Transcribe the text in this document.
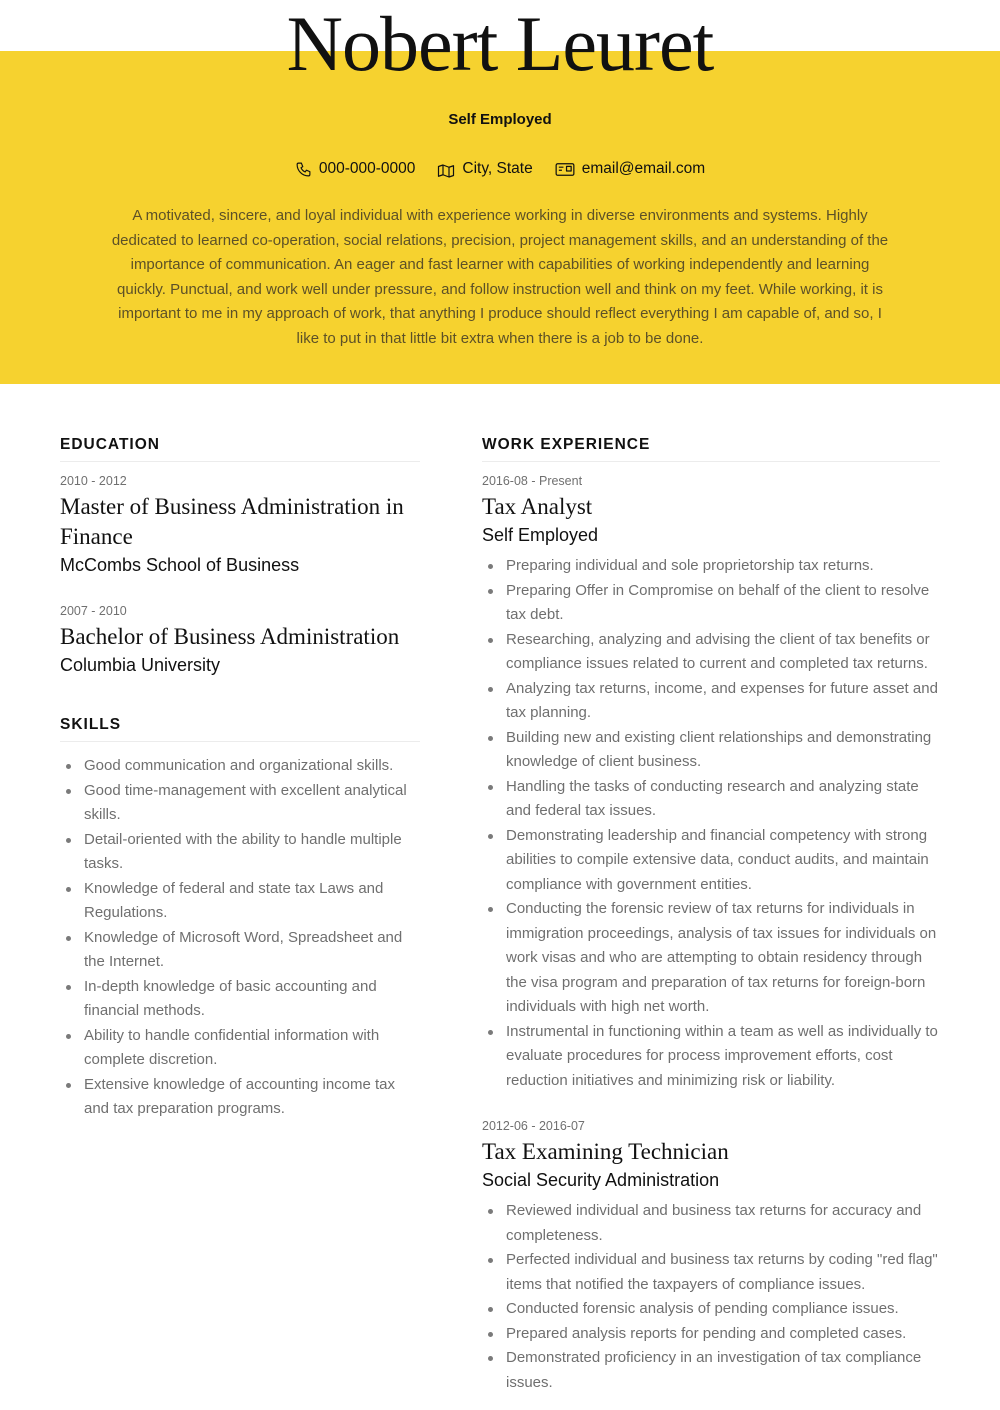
Nobert Leuret
Self Employed
000-000-0000	City, State	email@email.com
A motivated, sincere, and loyal individual with experience working in diverse environments and systems. Highly dedicated to learned co-operation, social relations, precision, project management skills, and an understanding of the importance of communication. An eager and fast learner with capabilities of working independently and learning quickly. Punctual, and work well under pressure, and follow instruction well and think on my feet. While working, it is important to me in my approach of work, that anything I produce should reflect everything I am capable of, and so, I like to put in that little bit extra when there is a job to be done.
EDUCATION
2010 - 2012
Master of Business Administration in Finance
McCombs School of Business
2007 - 2010
Bachelor of Business Administration
Columbia University
SKILLS
Good communication and organizational skills.
Good time-management with excellent analytical skills.
Detail-oriented with the ability to handle multiple tasks.
Knowledge of federal and state tax Laws and Regulations.
Knowledge of Microsoft Word, Spreadsheet and the Internet.
In-depth knowledge of basic accounting and financial methods.
Ability to handle confidential information with complete discretion.
Extensive knowledge of accounting income tax and tax preparation programs.
WORK EXPERIENCE
2016-08 - Present
Tax Analyst
Self Employed
Preparing individual and sole proprietorship tax returns.
Preparing Offer in Compromise on behalf of the client to resolve tax debt.
Researching, analyzing and advising the client of tax benefits or compliance issues related to current and completed tax returns.
Analyzing tax returns, income, and expenses for future asset and tax planning.
Building new and existing client relationships and demonstrating knowledge of client business.
Handling the tasks of conducting research and analyzing state and federal tax issues.
Demonstrating leadership and financial competency with strong abilities to compile extensive data, conduct audits, and maintain compliance with government entities.
Conducting the forensic review of tax returns for individuals in immigration proceedings, analysis of tax issues for individuals on work visas and who are attempting to obtain residency through the visa program and preparation of tax returns for foreign-born individuals with high net worth.
Instrumental in functioning within a team as well as individually to evaluate procedures for process improvement efforts, cost reduction initiatives and minimizing risk or liability.
2012-06 - 2016-07
Tax Examining Technician
Social Security Administration
Reviewed individual and business tax returns for accuracy and completeness.
Perfected individual and business tax returns by coding "red flag" items that notified the taxpayers of compliance issues.
Conducted forensic analysis of pending compliance issues.
Prepared analysis reports for pending and completed cases.
Demonstrated proficiency in an investigation of tax compliance issues.
